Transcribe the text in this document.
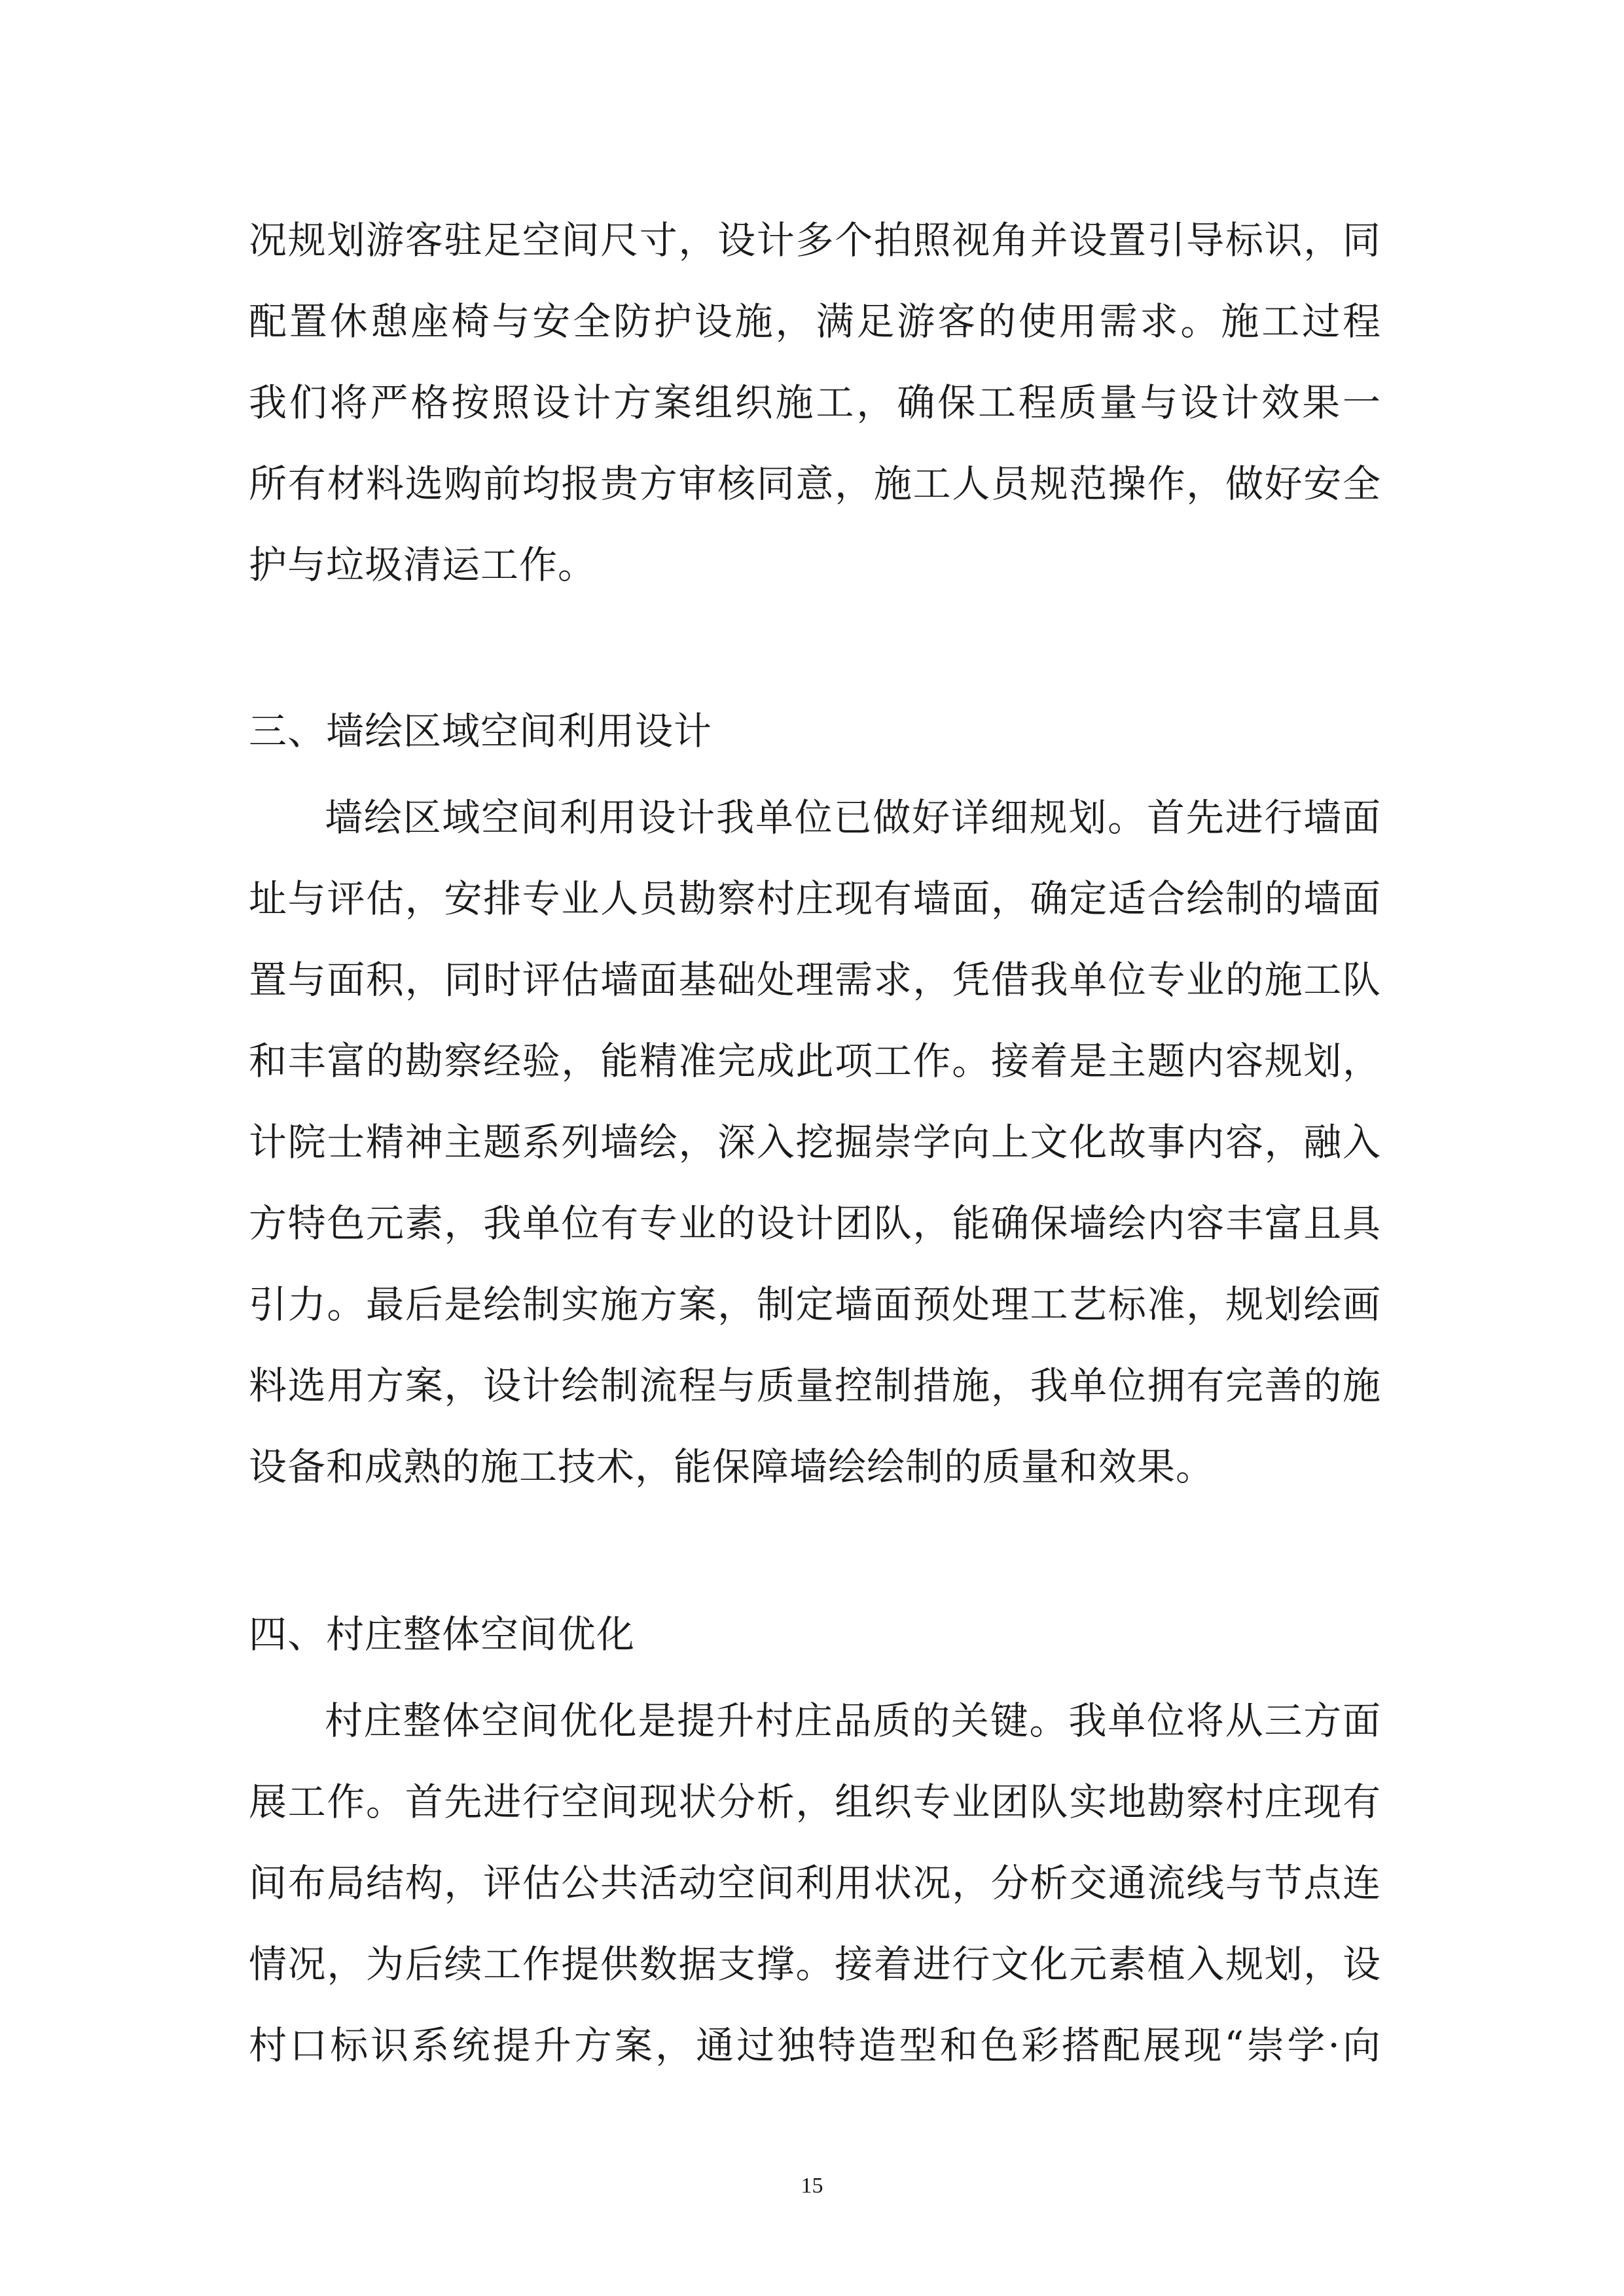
况规划游客驻足空间尺寸，设计多个拍照视角并设置引导标识，同
配置休憩座椅与安全防护设施，满足游客的使用需求。施工过程
我们将严格按照设计方案组织施工，确保工程质量与设计效果一
所有材料选购前均报贵方审核同意，施工人员规范操作，做好安全
护与垃圾清运工作。
三、墙绘区域空间利用设计
墙绘区域空间利用设计我单位已做好详细规划。首先进行墙面
址与评估，安排专业人员勘察村庄现有墙面，确定适合绘制的墙面
置与面积，同时评估墙面基础处理需求，凭借我单位专业的施工队
和丰富的勘察经验，能精准完成此项工作。接着是主题内容规划，
计院士精神主题系列墙绘，深入挖掘崇学向上文化故事内容，融入
方特色元素，我单位有专业的设计团队，能确保墙绘内容丰富且具
引力。最后是绘制实施方案，制定墙面预处理工艺标准，规划绘画
料选用方案，设计绘制流程与质量控制措施，我单位拥有完善的施
设备和成熟的施工技术，能保障墙绘绘制的质量和效果。
四、村庄整体空间优化
村庄整体空间优化是提升村庄品质的关键。我单位将从三方面
展工作。首先进行空间现状分析，组织专业团队实地勘察村庄现有
间布局结构，评估公共活动空间利用状况，分析交通流线与节点连
情况，为后续工作提供数据支撑。接着进行文化元素植入规划，设
村口标识系统提升方案，通过独特造型和色彩搭配展现“崇学·向
15
